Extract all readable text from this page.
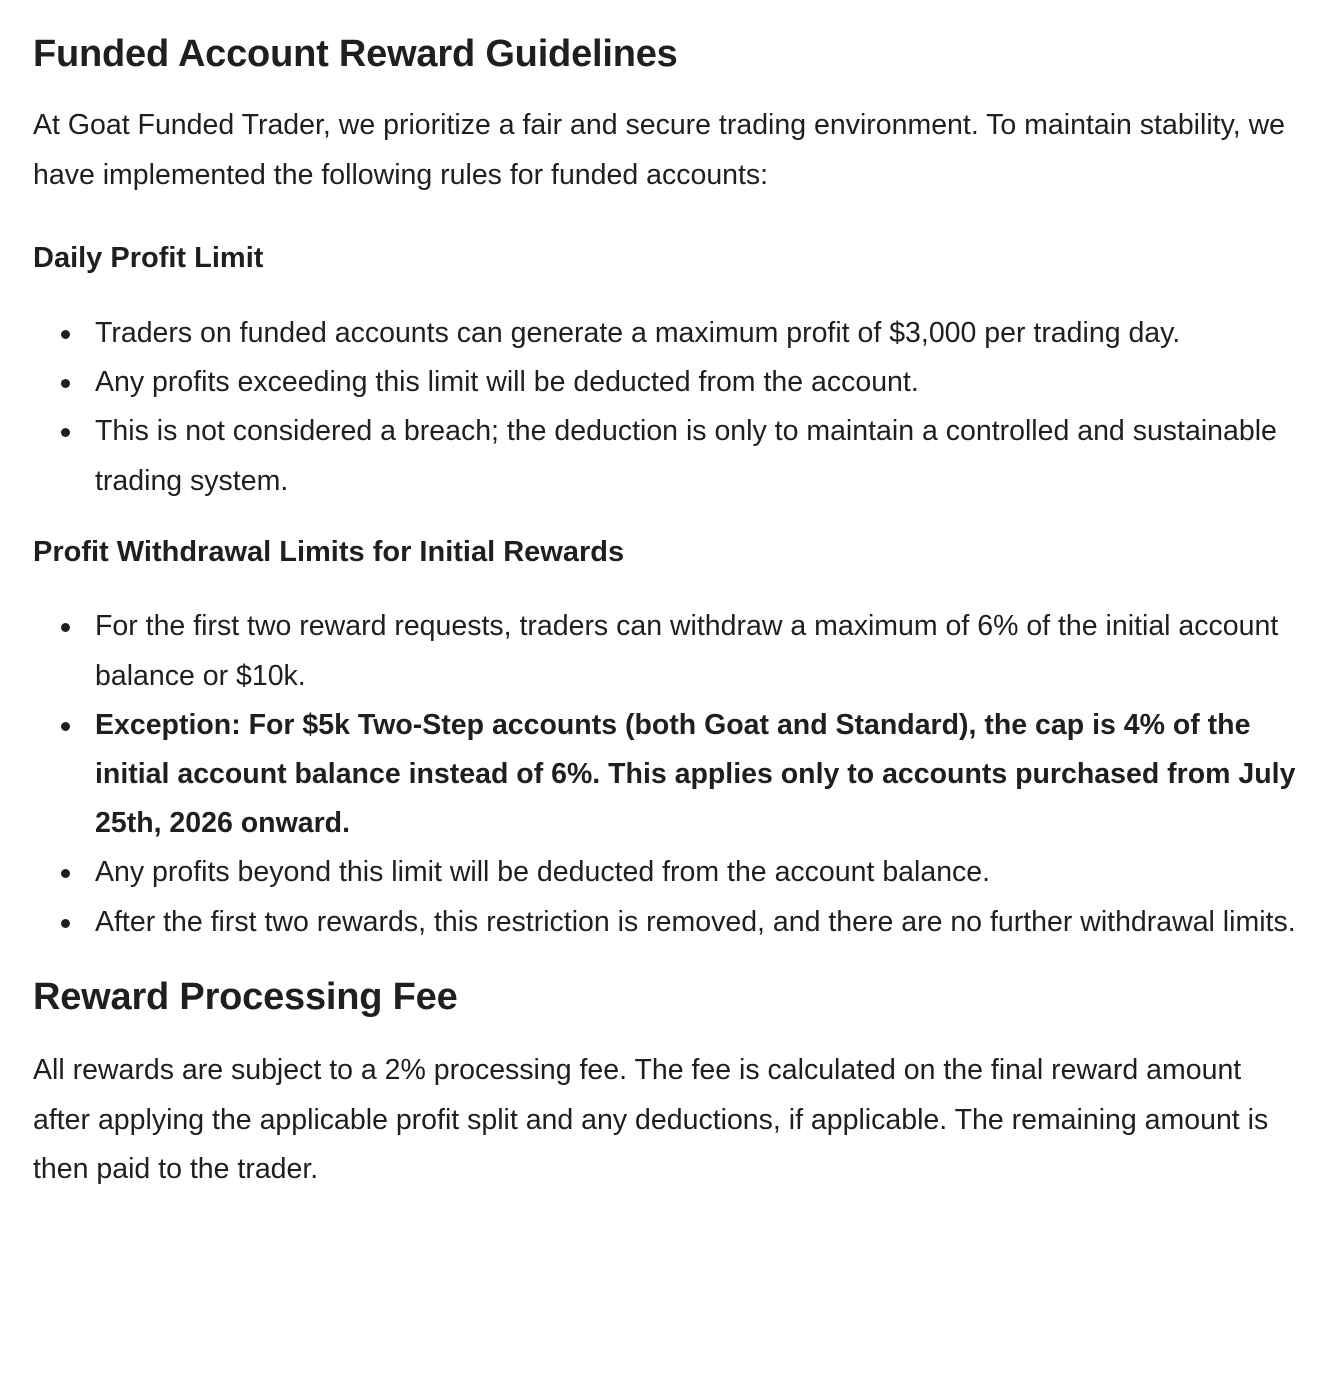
Funded Account Reward Guidelines

At Goat Funded Trader, we prioritize a fair and secure trading environment. To maintain stability, we have implemented the following rules for funded accounts:

Daily Profit Limit
Traders on funded accounts can generate a maximum profit of $3,000 per trading day.
Any profits exceeding this limit will be deducted from the account.
This is not considered a breach; the deduction is only to maintain a controlled and sustainable trading system.
Profit Withdrawal Limits for Initial Rewards
For the first two reward requests, traders can withdraw a maximum of 6% of the initial account balance or $10k.
Exception: For $5k Two-Step accounts (both Goat and Standard), the cap is 4% of the initial account balance instead of 6%. This applies only to accounts purchased from July 25th, 2026 onward.
Any profits beyond this limit will be deducted from the account balance.
After the first two rewards, this restriction is removed, and there are no further withdrawal limits.
Reward Processing Fee

All rewards are subject to a 2% processing fee. The fee is calculated on the final reward amount after applying the applicable profit split and any deductions, if applicable. The remaining amount is then paid to the trader.
